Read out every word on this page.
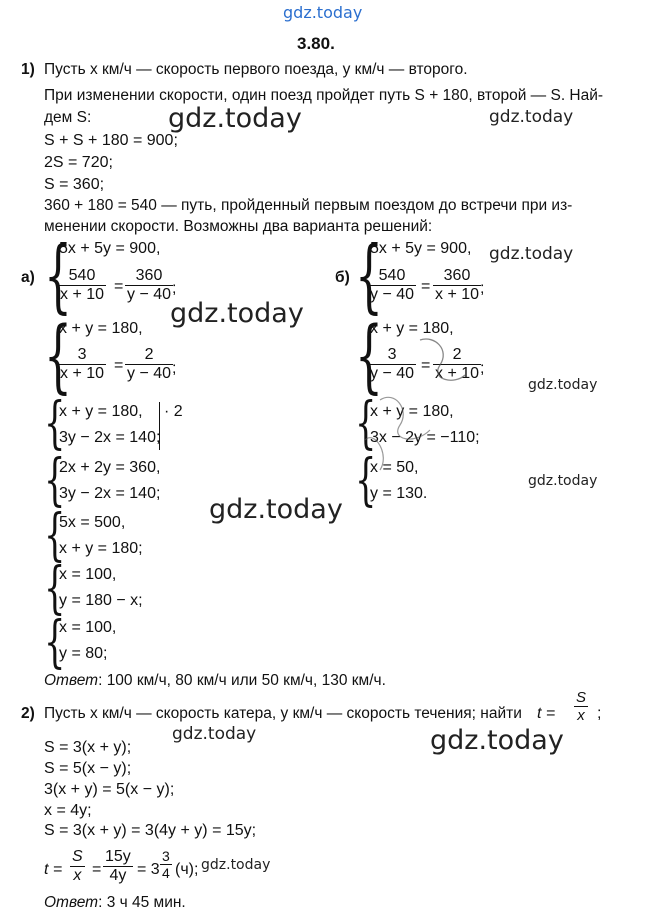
gdz.today
gdz.today	gdz.today
gdz.today
gdz.today
gdz.today
gdz.today
gdz.today
gdz.today	gdz.today
gdz.today
3.80.
1) Пусть x км/ч — скорость первого поезда, y км/ч — второго.
При изменении скорости, один поезд пройдет путь S + 180, второй — S. Най-
дем S:
S + S + 180 = 900;
2S = 720;
S = 360;
360 + 180 = 540 — путь, пройденный первым поездом до встречи при из-
менении скорости. Возможны два варианта решений:
а)	б)
{
5x + 5y = 900,
540
x + 10 =
360
y − 40 ;
{
x + y = 180,
3
x + 10 =
2
y − 40 ;
{
x + y = 180,
3y − 2x = 140;
· 2
{
2x + 2y = 360,
3y − 2x = 140;
{
5x = 500,
x + y = 180;
{
x = 100,
y = 180 − x;
{
x = 100,
y = 80;
{
5x + 5y = 900,
540
y − 40 =
360
x + 10 ;
{
x + y = 180,
3
y − 40 =
2
x + 10 ;
{
x + y = 180,
3x − 2y = −110;
{
x = 50,
y = 130.
Ответ: 100 км/ч, 80 км/ч или 50 км/ч, 130 км/ч.
2) Пусть x км/ч — скорость катера, y км/ч — скорость течения; найти t =
S
x ;
S = 3(x + y);
S = 5(x − y);
3(x + y) = 5(x − y);
x = 4y;
S = 3(x + y) = 3(4y + y) = 15y;
t =
S
x =
15y
4y = 3
3
4 (ч);
Ответ: 3 ч 45 мин.
